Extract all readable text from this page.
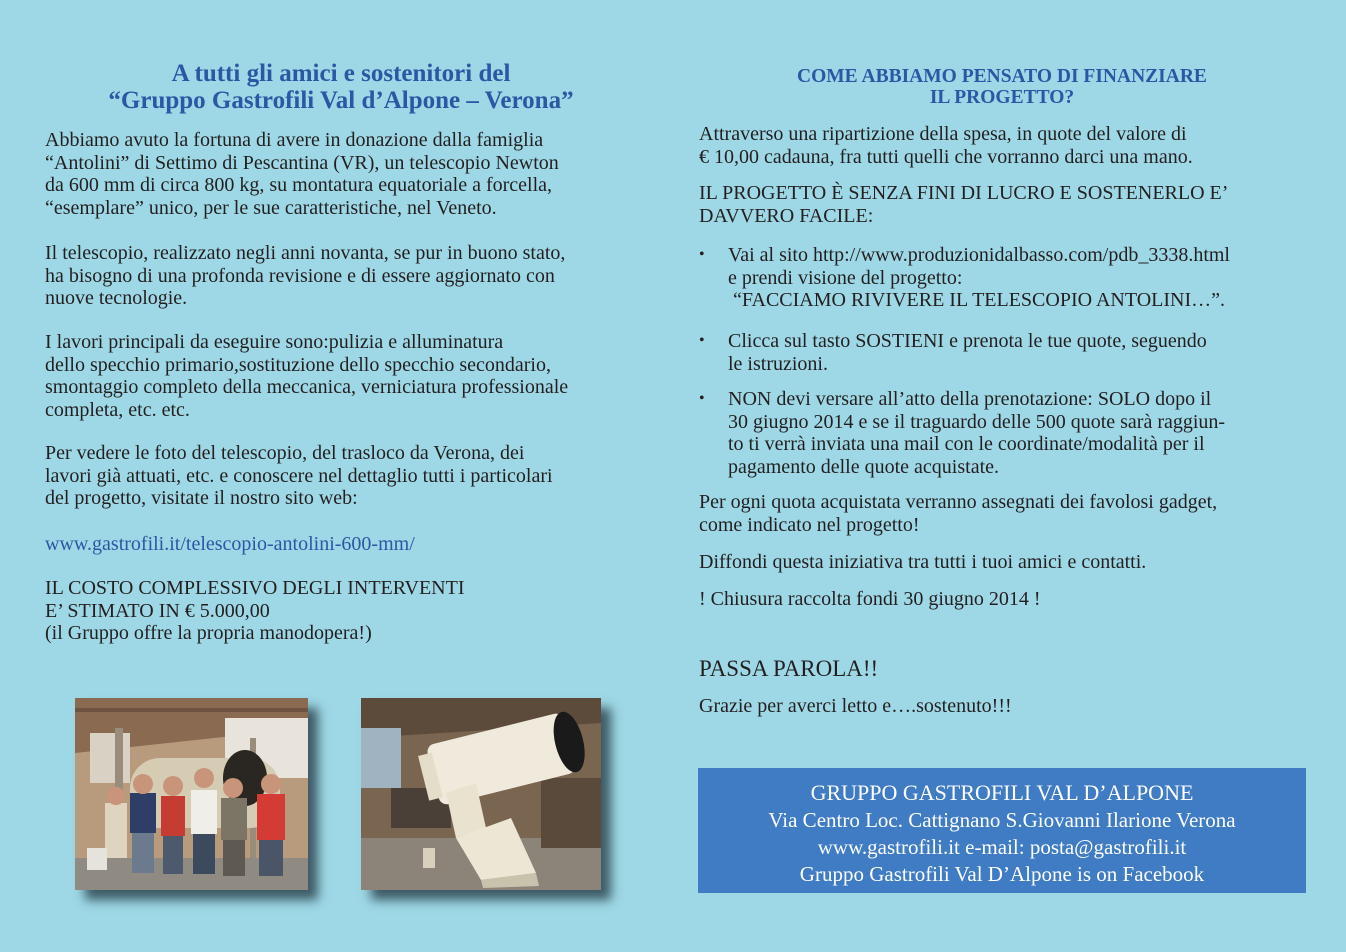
A tutti gli amici e sostenitori del
“Gruppo Gastrofili Val d’Alpone – Verona”
Abbiamo avuto la fortuna di avere in donazione dalla famiglia
“Antolini” di Settimo di Pescantina (VR), un telescopio Newton
da 600 mm di circa 800 kg, su montatura equatoriale a forcella,
“esemplare” unico, per le sue caratteristiche, nel Veneto.
Il telescopio, realizzato negli anni novanta, se pur in buono stato,
ha bisogno di una profonda revisione e di essere aggiornato con
nuove tecnologie.
I lavori principali da eseguire sono:pulizia e alluminatura
dello specchio primario,sostituzione dello specchio secondario,
smontaggio completo della meccanica, verniciatura professionale
completa, etc. etc.
Per vedere le foto del telescopio, del trasloco da Verona, dei
lavori già attuati, etc. e conoscere nel dettaglio tutti i particolari
del progetto, visitate il nostro sito web:
www.gastrofili.it/telescopio-antolini-600-mm/
IL COSTO COMPLESSIVO DEGLI INTERVENTI
E’ STIMATO IN € 5.000,00
(il Gruppo offre la propria manodopera!)
COME ABBIAMO PENSATO DI FINANZIARE
IL PROGETTO?
Attraverso una ripartizione della spesa, in quote del valore di
€ 10,00 cadauna, fra tutti quelli che vorranno darci una mano.
IL PROGETTO È SENZA FINI DI LUCRO E SOSTENERLO E’
DAVVERO FACILE:
• Vai al sito http://www.produzionidalbasso.com/pdb_3338.html
e prendi visione del progetto:
“FACCIAMO RIVIVERE IL TELESCOPIO ANTOLINI…”.
• Clicca sul tasto SOSTIENI e prenota le tue quote, seguendo
le istruzioni.
• NON devi versare all’atto della prenotazione: SOLO dopo il
30 giugno 2014 e se il traguardo delle 500 quote sarà raggiun-
to ti verrà inviata una mail con le coordinate/modalità per il
pagamento delle quote acquistate.
Per ogni quota acquistata verranno assegnati dei favolosi gadget,
come indicato nel progetto!
Diffondi questa iniziativa tra tutti i tuoi amici e contatti.
! Chiusura raccolta fondi 30 giugno 2014 !
PASSA PAROLA!!
Grazie per averci letto e….sostenuto!!!
GRUPPO GASTROFILI VAL D’ALPONE
Via Centro Loc. Cattignano S.Giovanni Ilarione Verona
www.gastrofili.it e-mail: posta@gastrofili.it
Gruppo Gastrofili Val D’Alpone is on Facebook
